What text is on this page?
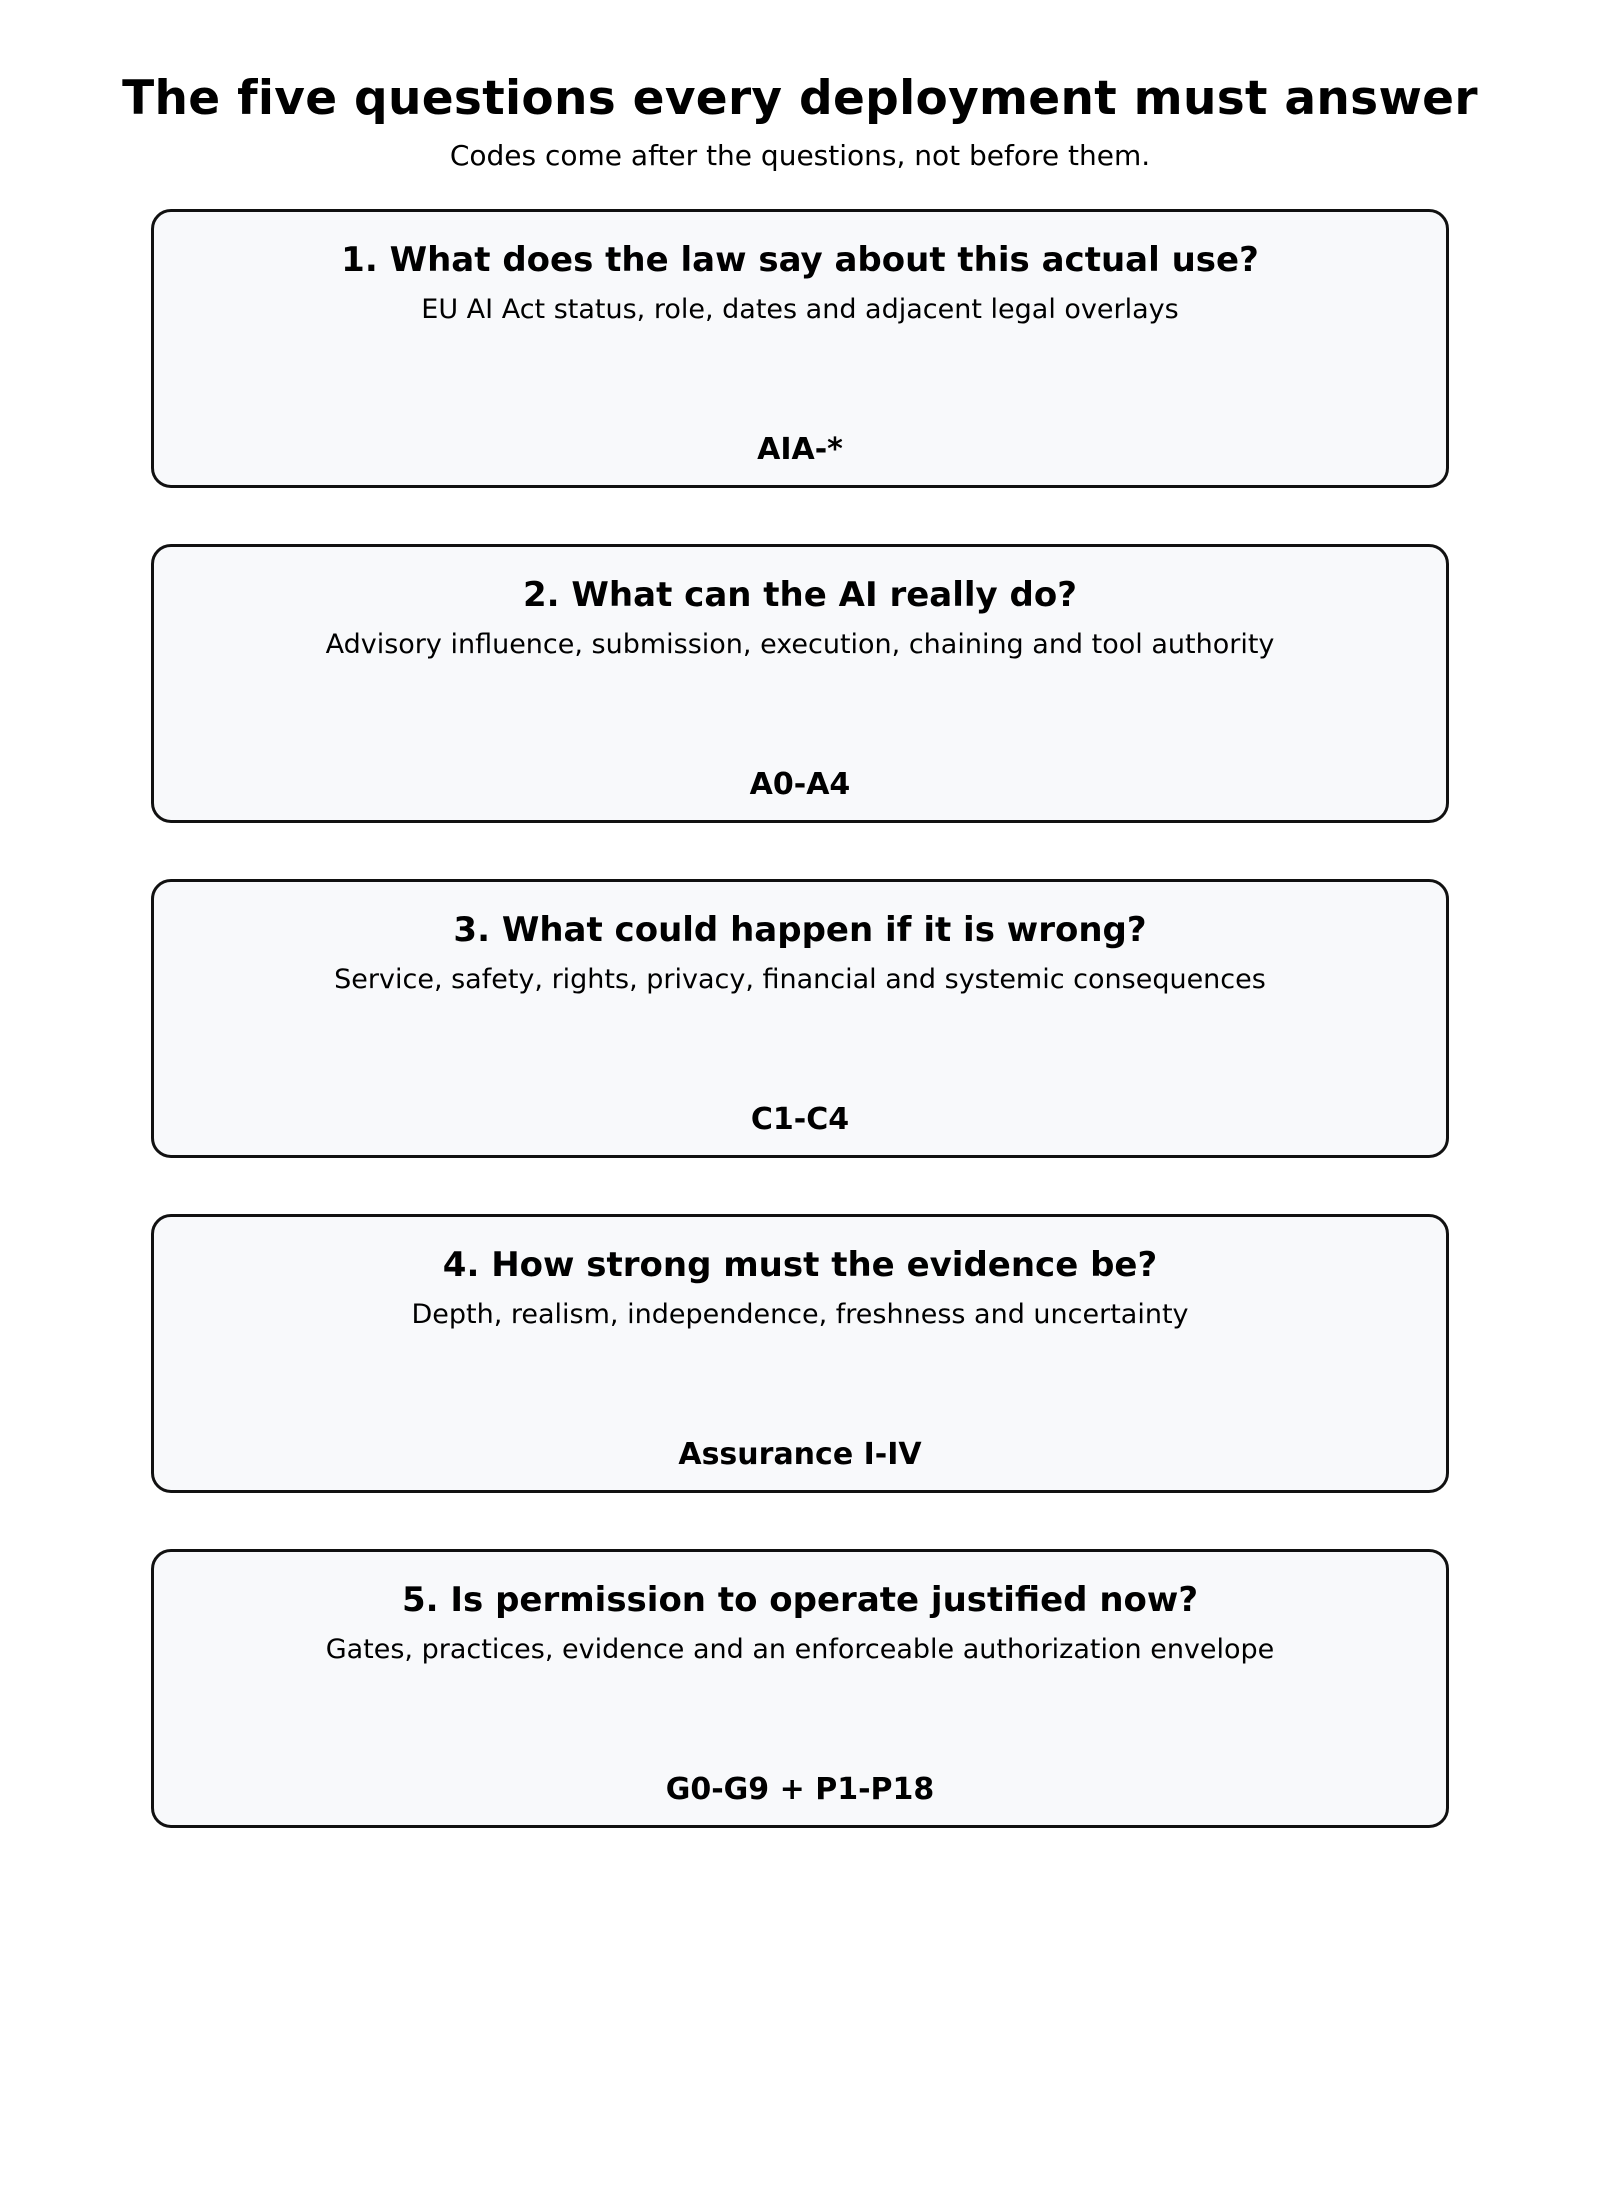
The five questions every deployment must answer
Codes come after the questions, not before them.
1. What does the law say about this actual use?
EU AI Act status, role, dates and adjacent legal overlays
AIA-*
2. What can the AI really do?
Advisory influence, submission, execution, chaining and tool authority
A0-A4
3. What could happen if it is wrong?
Service, safety, rights, privacy, financial and systemic consequences
C1-C4
4. How strong must the evidence be?
Depth, realism, independence, freshness and uncertainty
Assurance I-IV
5. Is permission to operate justified now?
Gates, practices, evidence and an enforceable authorization envelope
G0-G9 + P1-P18
